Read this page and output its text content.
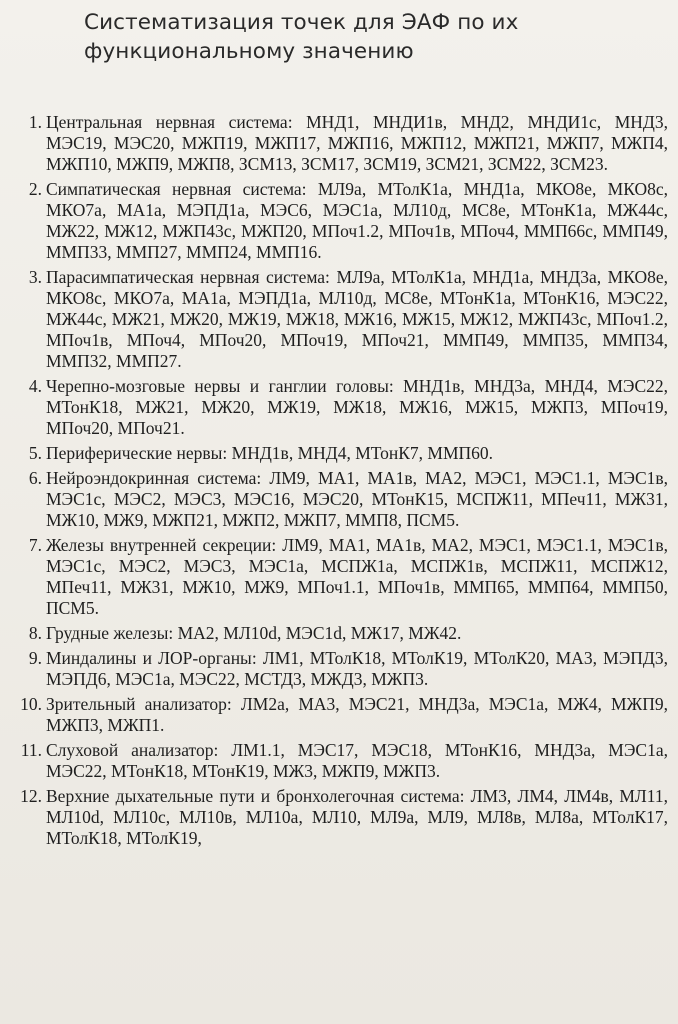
Систематизация точек для ЭАФ по их функциональному значению
1. Центральная нервная система: МНД1, МНДИ1в, МНД2, МНДИ1с, МНД3, МЭС19, МЭС20, МЖП19, МЖП17, МЖП16, МЖП12, МЖП21, МЖП7, МЖП4, МЖП10, МЖП9, МЖП8, ЗСМ13, ЗСМ17, ЗСМ19, ЗСМ21, ЗСМ22, ЗСМ23.
2. Симпатическая нервная система: МЛ9а, МТолК1а, МНД1а, МКО8е, МКО8с, МКО7а, МА1а, МЭПД1а, МЭС6, МЭС1а, МЛ10д, МС8е, МТонК1а, МЖ44с, МЖ22, МЖ12, МЖП43с, МЖП20, МПоч1.2, МПоч1в, МПоч4, ММП66с, ММП49, ММП33, ММП27, ММП24, ММП16.
3. Парасимпатическая нервная система: МЛ9а, МТолК1а, МНД1а, МНД3а, МКО8е, МКО8с, МКО7а, МА1а, МЭПД1а, МЛ10д, МС8е, МТонК1а, МТонК16, МЭС22, МЖ44с, МЖ21, МЖ20, МЖ19, МЖ18, МЖ16, МЖ15, МЖ12, МЖП43с, МПоч1.2, МПоч1в, МПоч4, МПоч20, МПоч19, МПоч21, ММП49, ММП35, ММП34, ММП32, ММП27.
4. Черепно-мозговые нервы и ганглии головы: МНД1в, МНД3а, МНД4, МЭС22, МТонК18, МЖ21, МЖ20, МЖ19, МЖ18, МЖ16, МЖ15, МЖП3, МПоч19, МПоч20, МПоч21.
5. Периферические нервы: МНД1в, МНД4, МТонК7, ММП60.
6. Нейроэндокринная система: ЛМ9, МА1, МА1в, МА2, МЭС1, МЭС1.1, МЭС1в, МЭС1с, МЭС2, МЭС3, МЭС16, МЭС20, МТонК15, МСПЖ11, МПеч11, МЖ31, МЖ10, МЖ9, МЖП21, МЖП2, МЖП7, ММП8, ПСМ5.
7. Железы внутренней секреции: ЛМ9, МА1, МА1в, МА2, МЭС1, МЭС1.1, МЭС1в, МЭС1с, МЭС2, МЭС3, МЭС1а, МСПЖ1а, МСПЖ1в, МСПЖ11, МСПЖ12, МПеч11, МЖ31, МЖ10, МЖ9, МПоч1.1, МПоч1в, ММП65, ММП64, ММП50, ПСМ5.
8. Грудные железы: МА2, МЛ10d, МЭС1d, МЖ17, МЖ42.
9. Миндалины и ЛОР-органы: ЛМ1, МТолК18, МТолК19, МТолК20, МА3, МЭПД3, МЭПД6, МЭС1а, МЭС22, МСТД3, МЖД3, МЖП3.
10. Зрительный анализатор: ЛМ2а, МА3, МЭС21, МНД3а, МЭС1а, МЖ4, МЖП9, МЖП3, МЖП1.
11. Слуховой анализатор: ЛМ1.1, МЭС17, МЭС18, МТонК16, МНД3а, МЭС1а, МЭС22, МТонК18, МТонК19, МЖ3, МЖП9, МЖП3.
12. Верхние дыхательные пути и бронхолегочная система: ЛМ3, ЛМ4, ЛМ4в, МЛ11, МЛ10d, МЛ10с, МЛ10в, МЛ10а, МЛ10, МЛ9а, МЛ9, МЛ8в, МЛ8а, МТолК17, МТолК18, МТолК19,
